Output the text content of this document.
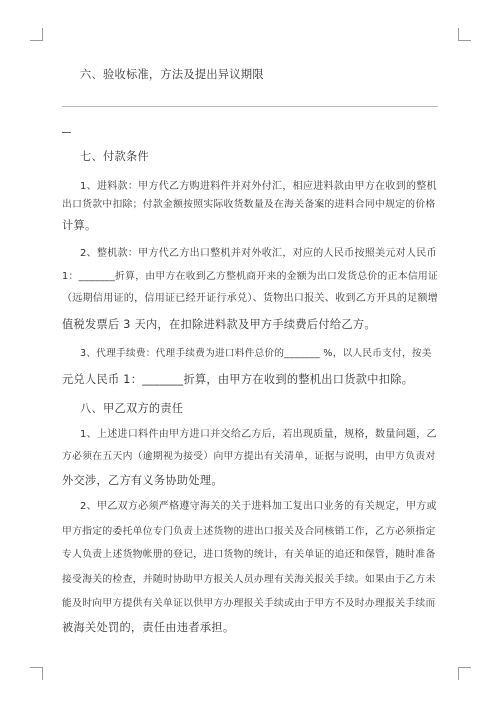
六、验收标准，方法及提出异议期限
七、付款条件
1、进料款：甲方代乙方购进料件并对外付汇，相应进料款由甲方在收到的整机
出口货款中扣除；付款金额按照实际收货数量及在海关备案的进料合同中规定的价格
计算。
2、整机款：甲方代乙方出口整机并对外收汇，对应的人民币按照美元对人民币
1：_______折算，由甲方在收到乙方整机商开来的金额为出口发货总价的正本信用证
（远期信用证的，信用证已经开证行承兑）、货物出口报关、收到乙方开具的足额增
值税发票后 3 天内，在扣除进料款及甲方手续费后付给乙方。
3、代理手续费：代理手续费为进口料件总价的_______ %，以人民币支付，按美
元兑人民币 1：_______折算，由甲方在收到的整机出口货款中扣除。
八、甲乙双方的责任
1、上述进口料件由甲方进口并交给乙方后，若出现质量，规格，数量问题，乙
方必须在五天内（逾期视为接受）向甲方提出有关清单，证据与说明，由甲方负责对
外交涉，乙方有义务协助处理。
2、甲乙双方必须严格遵守海关的关于进料加工复出口业务的有关规定，甲方或
甲方指定的委托单位专门负责上述货物的进出口报关及合同核销工作，乙方必须指定
专人负责上述货物帐册的登记，进口货物的统计，有关单证的追还和保管，随时准备
接受海关的检查，并随时协助甲方报关人员办理有关海关报关手续。如果由于乙方未
能及时向甲方提供有关单证以供甲方办理报关手续或由于甲方不及时办理报关手续而
被海关处罚的，责任由违者承担。
